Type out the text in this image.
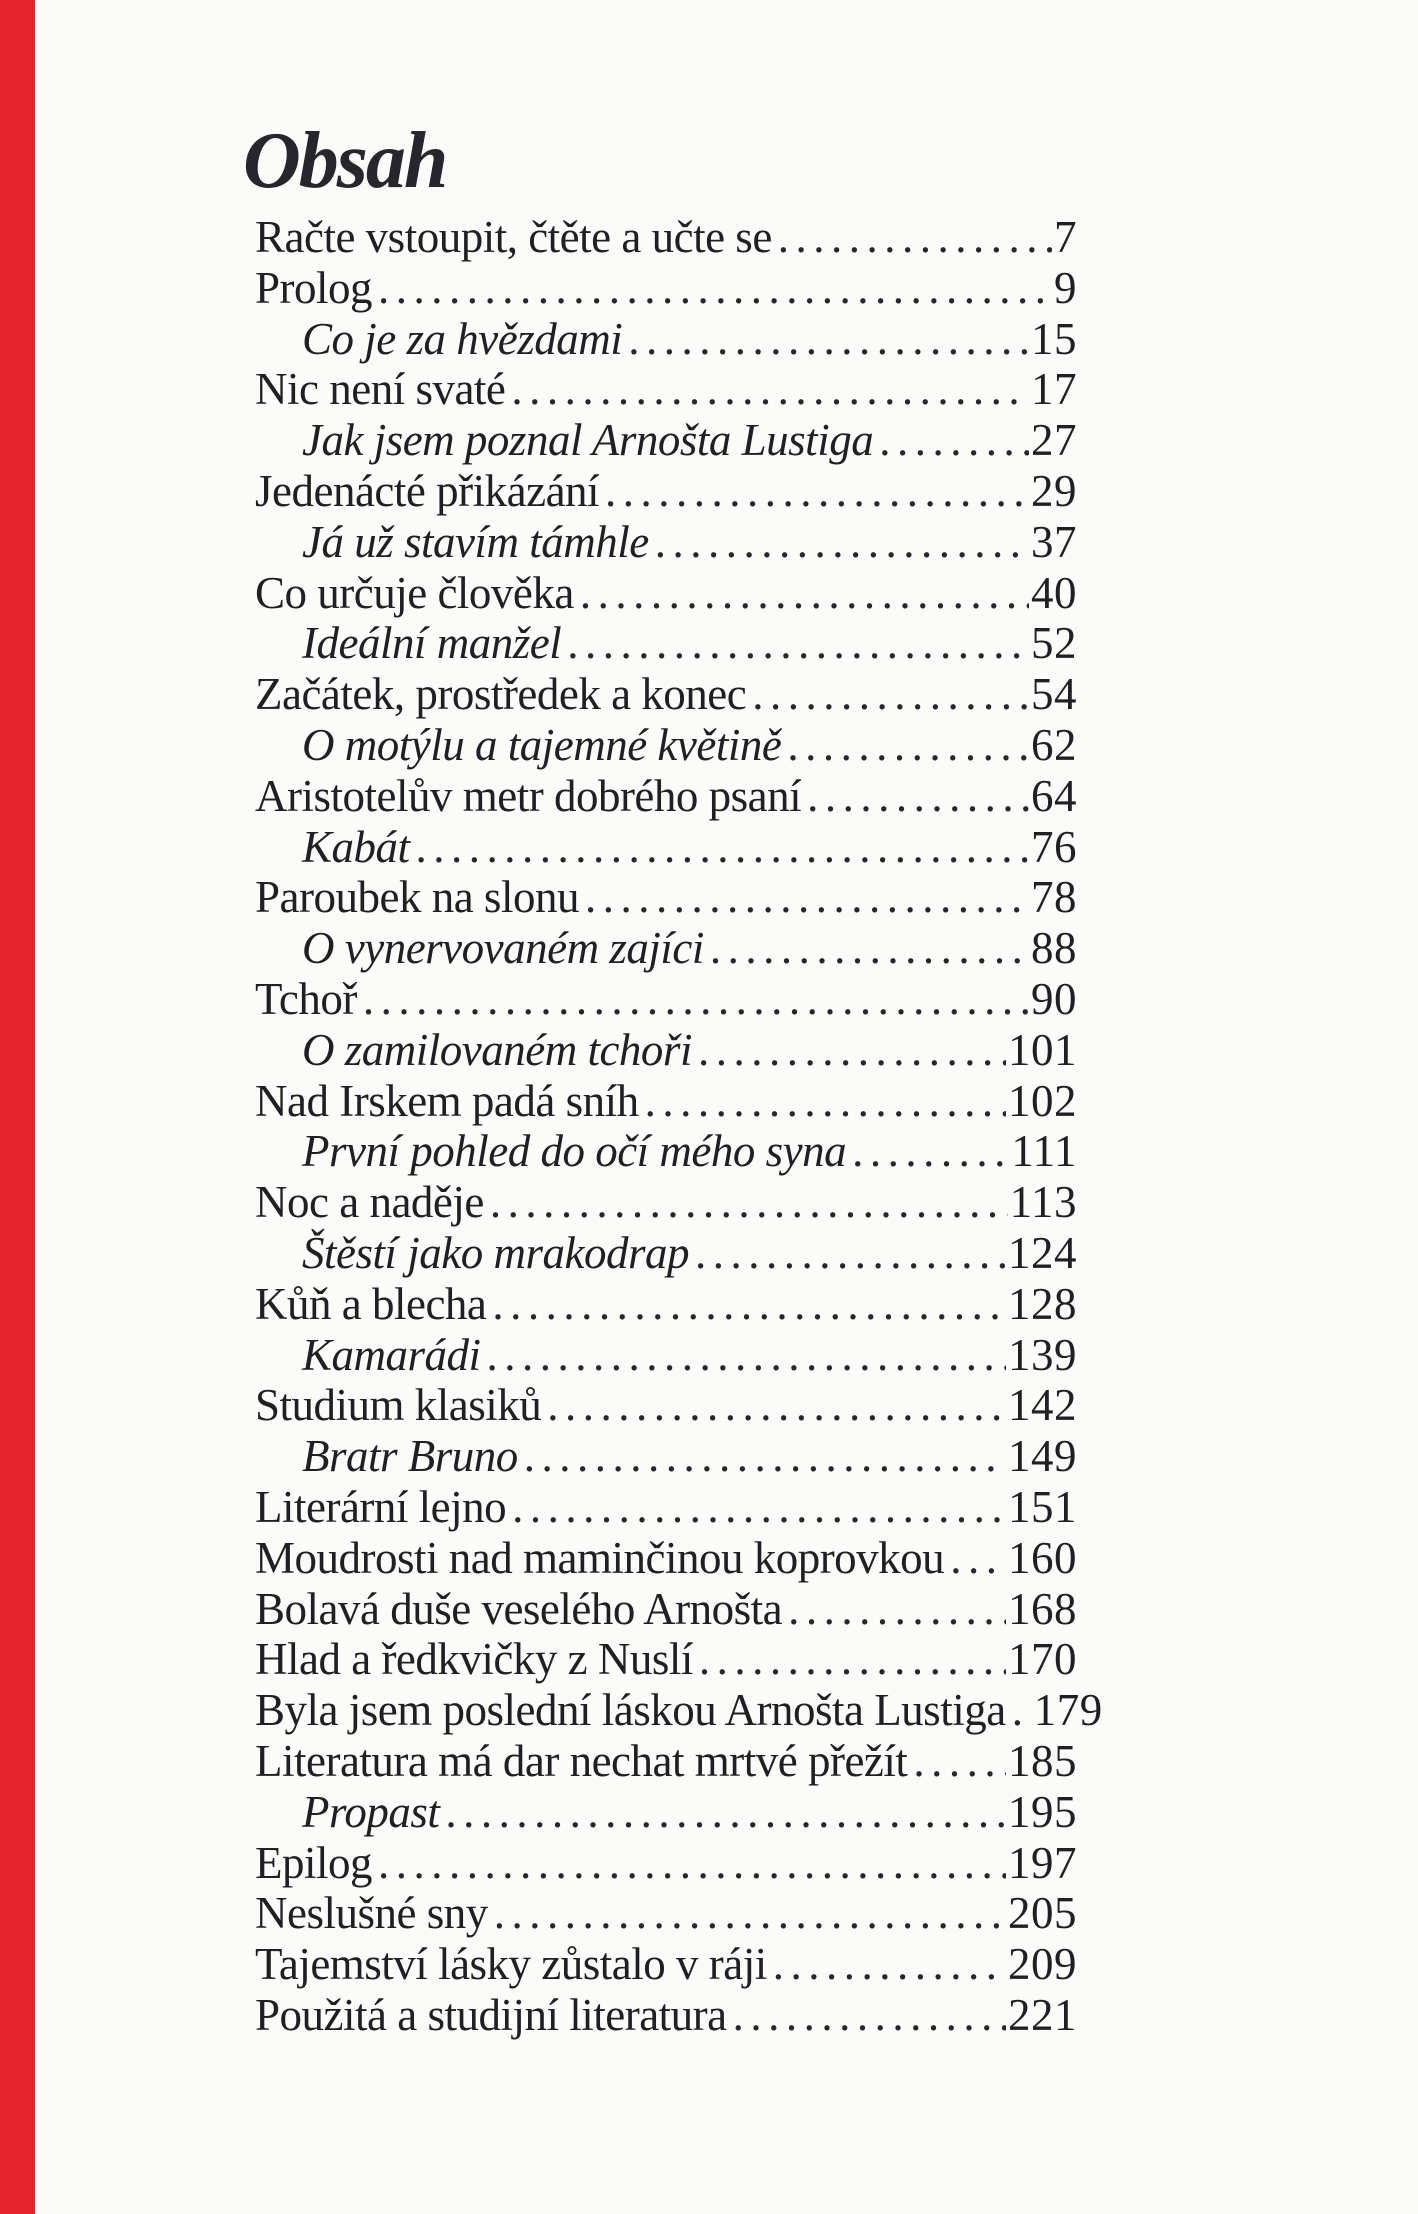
Obsah
Račte vstoupit, čtěte a učte se .....	7
Prolog .....	9
Co je za hvězdami .....	15
Nic není svaté .....	17
Jak jsem poznal Arnošta Lustiga .....	27
Jedenácté přikázání .....	29
Já už stavím támhle .....	37
Co určuje člověka .....	40
Ideální manžel .....	52
Začátek, prostředek a konec .....	54
O motýlu a tajemné květině .....	62
Aristotelův metr dobrého psaní .....	64
Kabát .....	76
Paroubek na slonu .....	78
O vynervovaném zajíci .....	88
Tchoř .....	90
O zamilovaném tchoři .....	101
Nad Irskem padá sníh .....	102
První pohled do očí mého syna .....	111
Noc a naděje .....	113
Štěstí jako mrakodrap .....	124
Kůň a blecha .....	128
Kamarádi .....	139
Studium klasiků .....	142
Bratr Bruno .....	149
Literární lejno .....	151
Moudrosti nad maminčinou koprovkou ..... 160
Bolavá duše veselého Arnošta .....	168
Hlad a ředkvičky z Nuslí .....	170
Byla jsem poslední láskou Arnošta Lustiga ..... 179
Literatura má dar nechat mrtvé přežít ..... 185
Propast .....	195
Epilog .....	197
Neslušné sny .....	205
Tajemství lásky zůstalo v ráji .....	209
Použitá a studijní literatura .....	221
